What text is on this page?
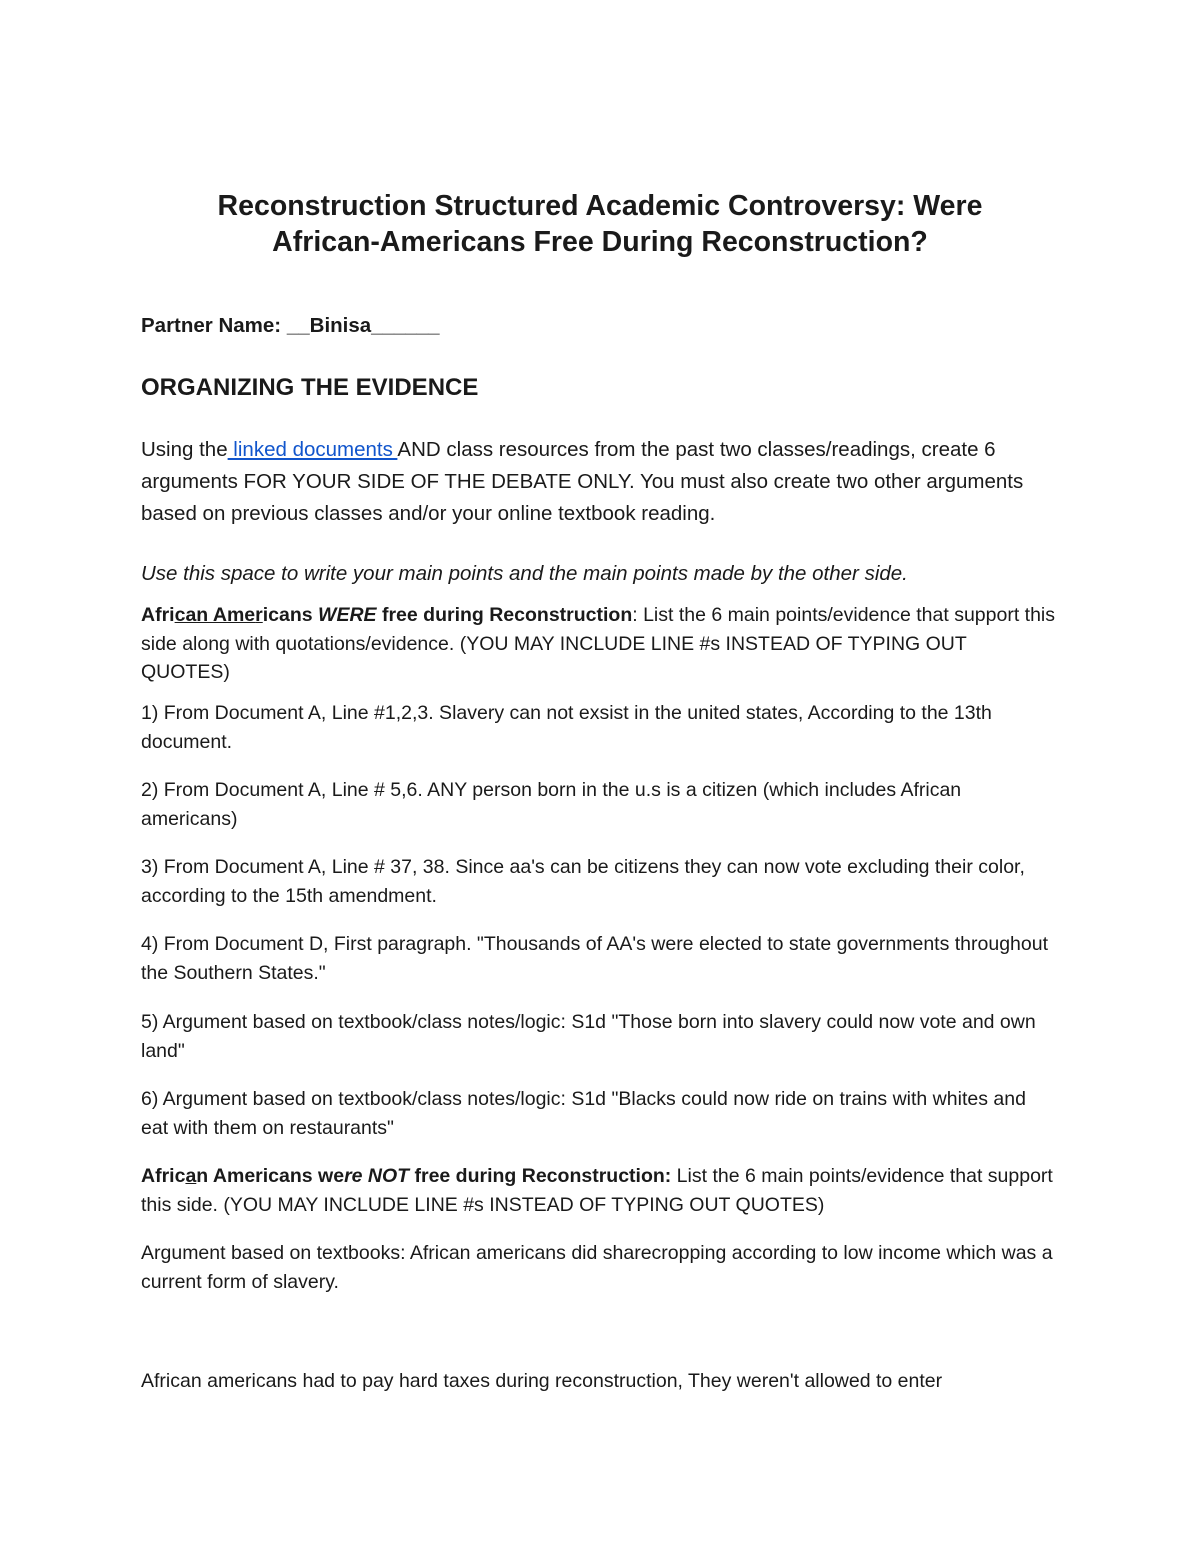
Reconstruction Structured Academic Controversy: Were
African-Americans Free During Reconstruction?

Partner Name: __Binisa______

ORGANIZING THE EVIDENCE

Using the linked documents AND class resources from the past two classes/readings, create 6 arguments FOR YOUR SIDE OF THE DEBATE ONLY. You must also create two other arguments based on previous classes and/or your online textbook reading.

Use this space to write your main points and the main points made by the other side.

African Americans WERE free during Reconstruction: List the 6 main points/evidence that support this side along with quotations/evidence. (YOU MAY INCLUDE LINE #s INSTEAD OF TYPING OUT QUOTES)

1) From Document A, Line #1,2,3. Slavery can not exsist in the united states, According to the 13th document.

2) From Document A, Line # 5,6. ANY person born in the u.s is a citizen (which includes African americans)

3) From Document A, Line # 37, 38. Since aa's can be citizens they can now vote excluding their color, according to the 15th amendment.

4) From Document D, First paragraph. "Thousands of AA's were elected to state governments throughout the Southern States."

5) Argument based on textbook/class notes/logic: S1d "Those born into slavery could now vote and own land"

6) Argument based on textbook/class notes/logic: S1d "Blacks could now ride on trains with whites and eat with them on restaurants"

African Americans were NOT free during Reconstruction: List the 6 main points/evidence that support this side. (YOU MAY INCLUDE LINE #s INSTEAD OF TYPING OUT QUOTES)

Argument based on textbooks: African americans did sharecropping according to low income which was a current form of slavery.

African americans had to pay hard taxes during reconstruction, They weren't allowed to enter
